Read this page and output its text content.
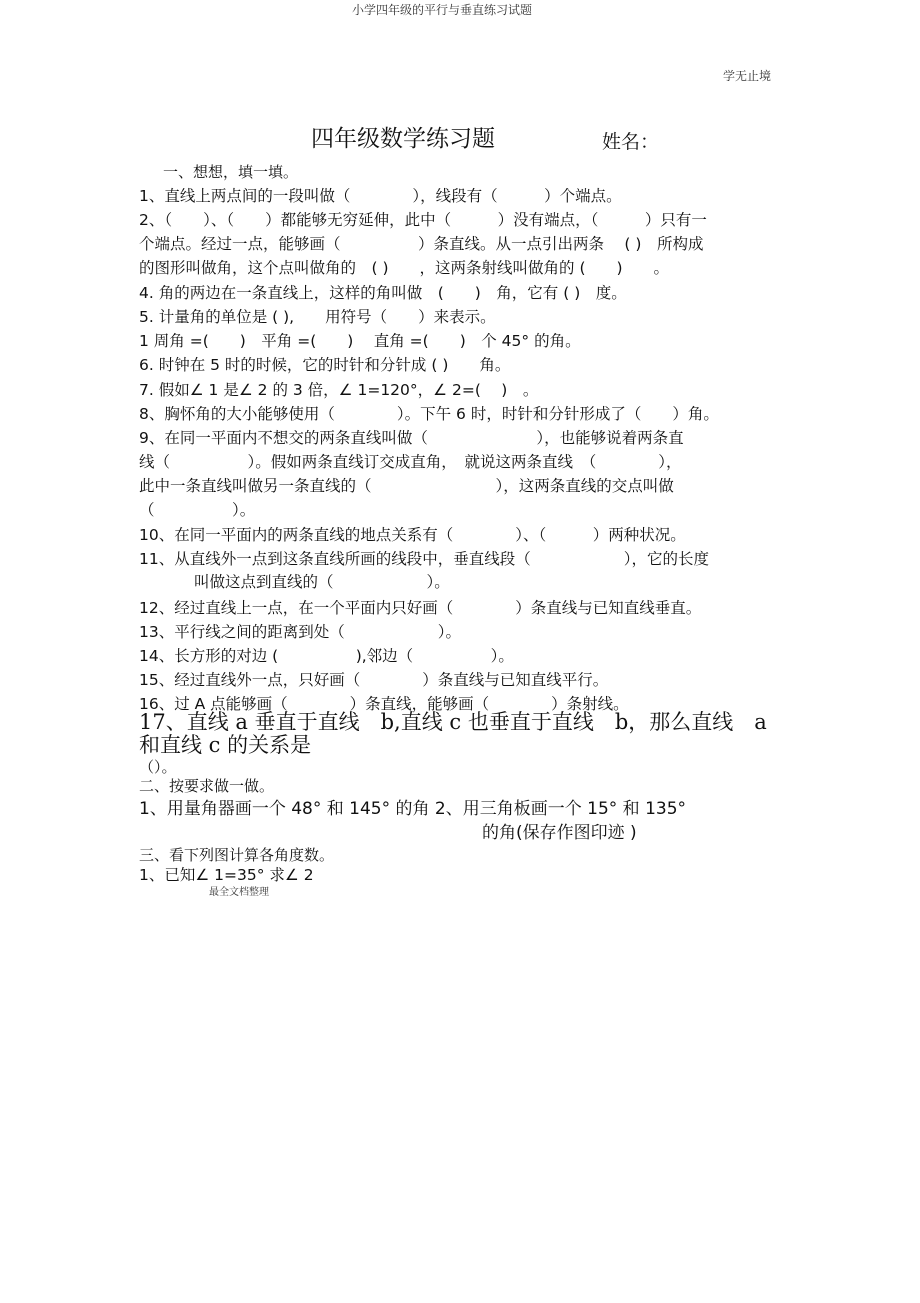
小学四年级的平行与垂直练习试题
学无止境
四年级数学练习题	姓名：
一、想想，填一填。
1、直线上两点间的一段叫做（　　　　），线段有（　　　）个端点。
2、（　　）、（　　）都能够无穷延伸，此中（　　　）没有端点，（　　　）只有一
个端点。经过一点，能够画（　　　　　）条直线。从一点引出两条　 ( )　所构成
的图形叫做角，这个点叫做角的　( )　　，这两条射线叫做角的 (　　)　　。
4. 角的两边在一条直线上，这样的角叫做　(　　)　角，它有 ( )　度。
5. 计量角的单位是 ( ),　　用符号（　　）来表示。
1 周角 =(　　)　平角 =(　　)　 直角 =(　　)　个 45° 的角。
6. 时钟在 5 时的时候，它的时针和分针成 ( )　　角。
7. 假如∠ 1 是∠ 2 的 3 倍，∠ 1=120°，∠ 2=(　 )　。
8、胸怀角的大小能够使用（　　　　）。下午 6 时，时针和分针形成了（　　）角。
9、在同一平面内不想交的两条直线叫做（　　　　　　　），也能够说着两条直
线（　　　　　）。假如两条直线订交成直角，　就说这两条直线　（　　　　），
此中一条直线叫做另一条直线的（　　　　　　　　），这两条直线的交点叫做
（　　　　　）。
10、在同一平面内的两条直线的地点关系有（　　　　）、（　　　）两种状况。
11、从直线外一点到这条直线所画的线段中，垂直线段（　　　　　　），它的长度
叫做这点到直线的（　　　　　　）。
12、经过直线上一点，在一个平面内只好画（　　　　）条直线与已知直线垂直。
13、平行线之间的距离到处（　　　　　　）。
14、长方形的对边 (　　　　　),邻边（　　　　　）。
15、经过直线外一点，只好画（　　　　）条直线与已知直线平行。
16、过 A 点能够画（　　　　）条直线，能够画（　　　　）条射线。
17、直线 a 垂直于直线　b,直线 c 也垂直于直线　b，那么直线　a
和直线 c 的关系是
（）。
二、按要求做一做。
1、用量角器画一个 48° 和 145° 的角 2、用三角板画一个 15° 和 135°
的角(保存作图印迹 )
三、看下列图计算各角度数。
1、已知∠ 1=35° 求∠ 2
最全文档整理
